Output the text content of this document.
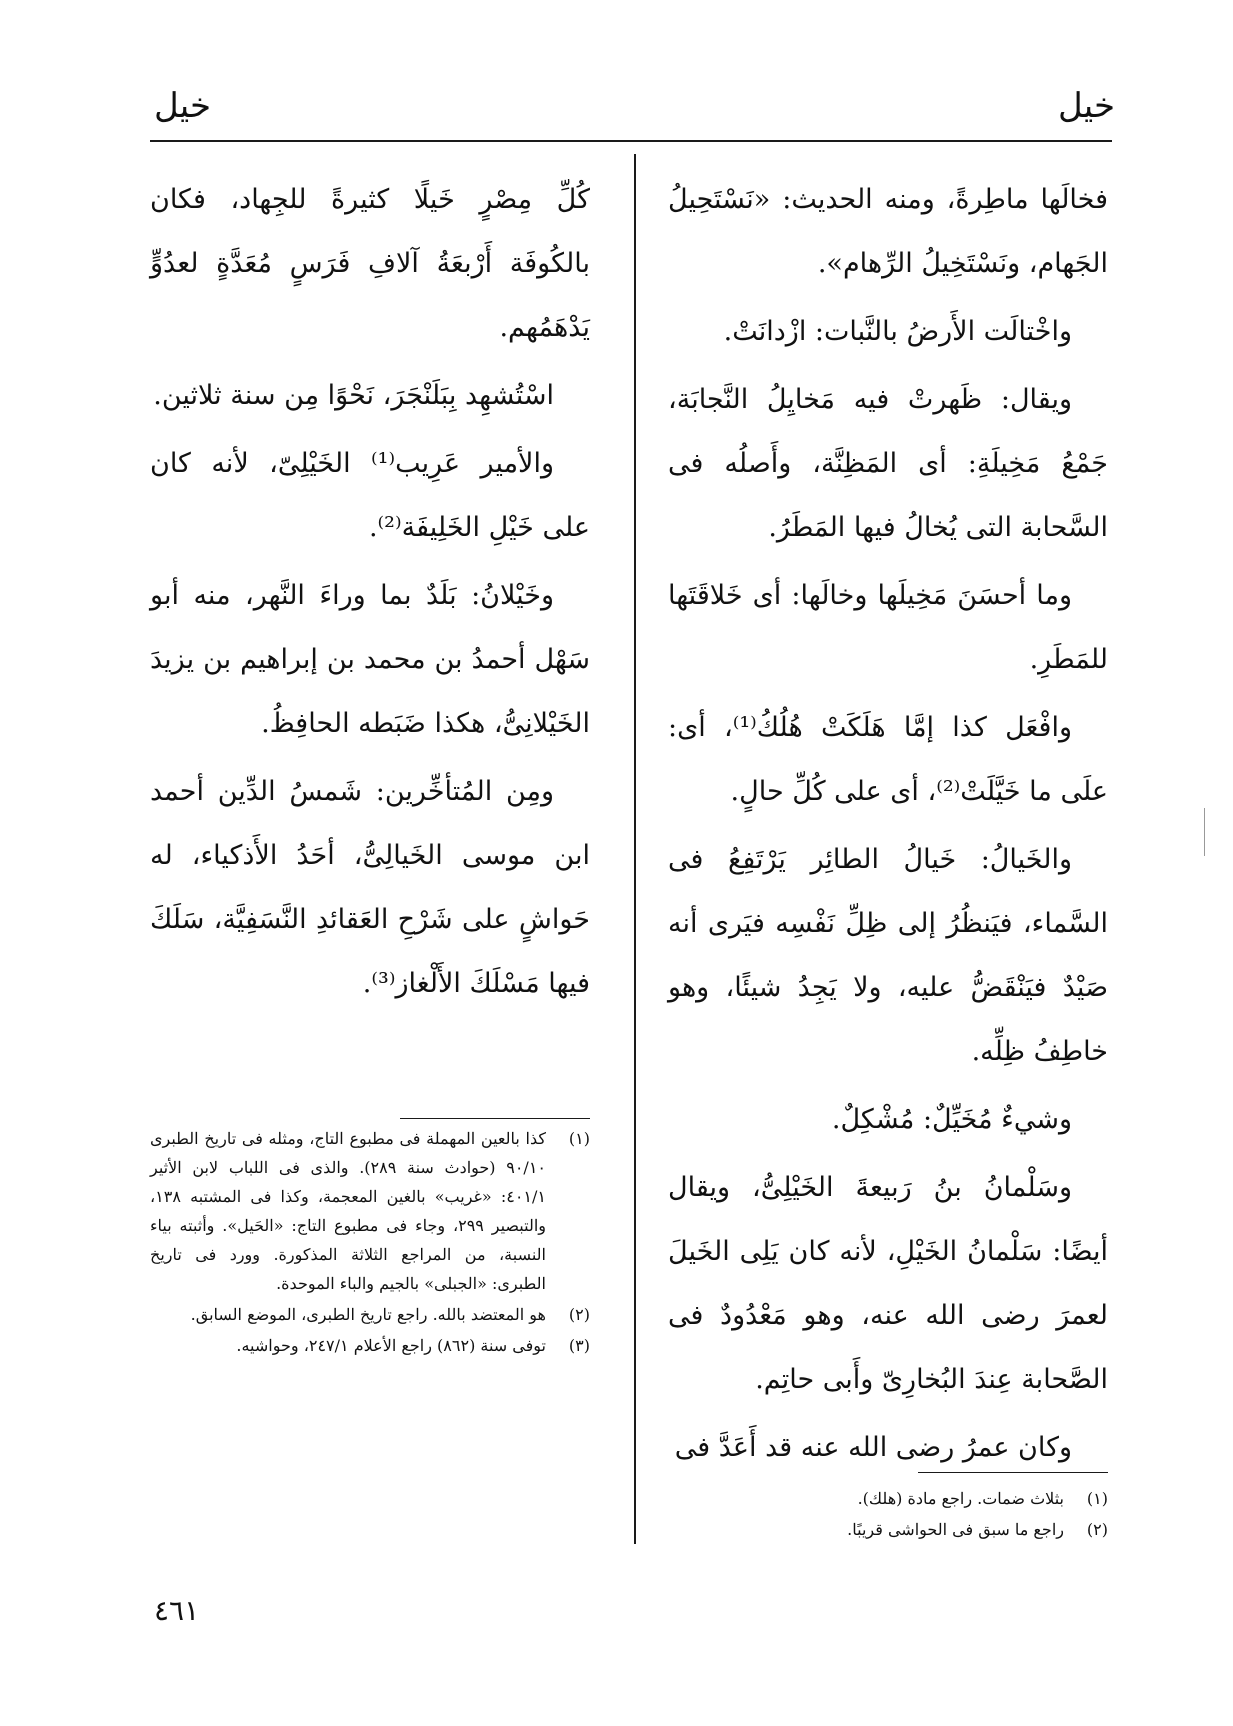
خيل
خيل

فخالَها ماطِرةً، ومنه الحديث: «نَسْتَحِيلُ الجَهام، ونَسْتَخِيلُ الرِّهام».

واخْتالَت الأَرضُ بالنَّبات: ازْدانَتْ.

ويقال: ظَهرتْ فيه مَخايِلُ النَّجابَة، جَمْعُ مَخِيلَةِ: أى المَظِنَّة، وأَصلُه فى السَّحابة التى يُخالُ فيها المَطَرُ.

وما أحسَنَ مَخِيلَها وخالَها: أى خَلاقَتَها للمَطَرِ.

وافْعَل كذا إمَّا هَلَكَتْ هُلُكُ⁽¹⁾، أى: علَى ما خَيَّلَتْ⁽²⁾، أى على كُلِّ حالٍ.

والخَيالُ: خَيالُ الطائِر يَرْتَفِعُ فى السَّماء، فيَنظُرُ إلى ظِلِّ نَفْسِه فيَرى أنه صَيْدٌ فيَنْقَضُّ عليه، ولا يَجِدُ شيئًا، وهو خاطِفُ ظِلِّه.

وشيءٌ مُخَيِّلٌ: مُشْكِلٌ.

وسَلْمانُ بنُ رَبيعةَ الخَيْلِىُّ، ويقال أيضًا: سَلْمانُ الخَيْلِ، لأنه كان يَلِى الخَيلَ لعمرَ رضى الله عنه، وهو مَعْدُودٌ فى الصَّحابة عِندَ البُخارِىّ وأَبى حاتِم.

وكان عمرُ رضى الله عنه قد أَعَدَّ فى

(١)
بثلاث ضمات. راجع مادة (هلك).
(٢)
راجع ما سبق فى الحواشى قريبًا.

كُلِّ مِصْرٍ خَيلًا كثيرةً للجِهاد، فكان بالكُوفَة أَرْبعَةُ آلافِ فَرَسٍ مُعَدَّةٍ لعدُوٍّ يَدْهَمُهم.

اسْتُشهِد بِبَلَنْجَرَ، نَحْوًا مِن سنة ثلاثين.

والأمير عَرِيب⁽¹⁾ الخَيْلِىّ، لأنه كان على خَيْلِ الخَلِيفَة⁽²⁾.

وخَيْلانُ: بَلَدٌ بما وراءَ النَّهر، منه أبو سَهْل أحمدُ بن محمد بن إبراهيم بن يزيدَ الخَيْلانِىُّ، هكذا ضَبَطه الحافِظُ.

ومِن المُتأخِّرين: شَمسُ الدِّين أحمد ابن موسى الخَيالِىُّ، أحَدُ الأَذكياء، له حَواشٍ على شَرْحِ العَقائدِ النَّسَفِيَّة، سَلَكَ فيها مَسْلَكَ الأَلْغاز⁽³⁾.

(١)
كذا بالعين المهملة فى مطبوع التاج، ومثله فى تاريخ الطبرى ٩٠/١٠ (حوادث سنة ٢٨٩). والذى فى اللباب لابن الأثير ٤٠١/١: «غريب» بالغين المعجمة، وكذا فى المشتبه ١٣٨، والتبصير ٢٩٩، وجاء فى مطبوع التاج: «الحَيل». وأثبته بياء النسبة، من المراجع الثلاثة المذكورة. وورد فى تاريخ الطبرى: «الجبلى» بالجيم والباء الموحدة.
(٢)
هو المعتضد بالله. راجع تاريخ الطبرى، الموضع السابق.
(٣)
توفى سنة (٨٦٢) راجع الأعلام ٢٤٧/١، وحواشيه.
٤٦١
